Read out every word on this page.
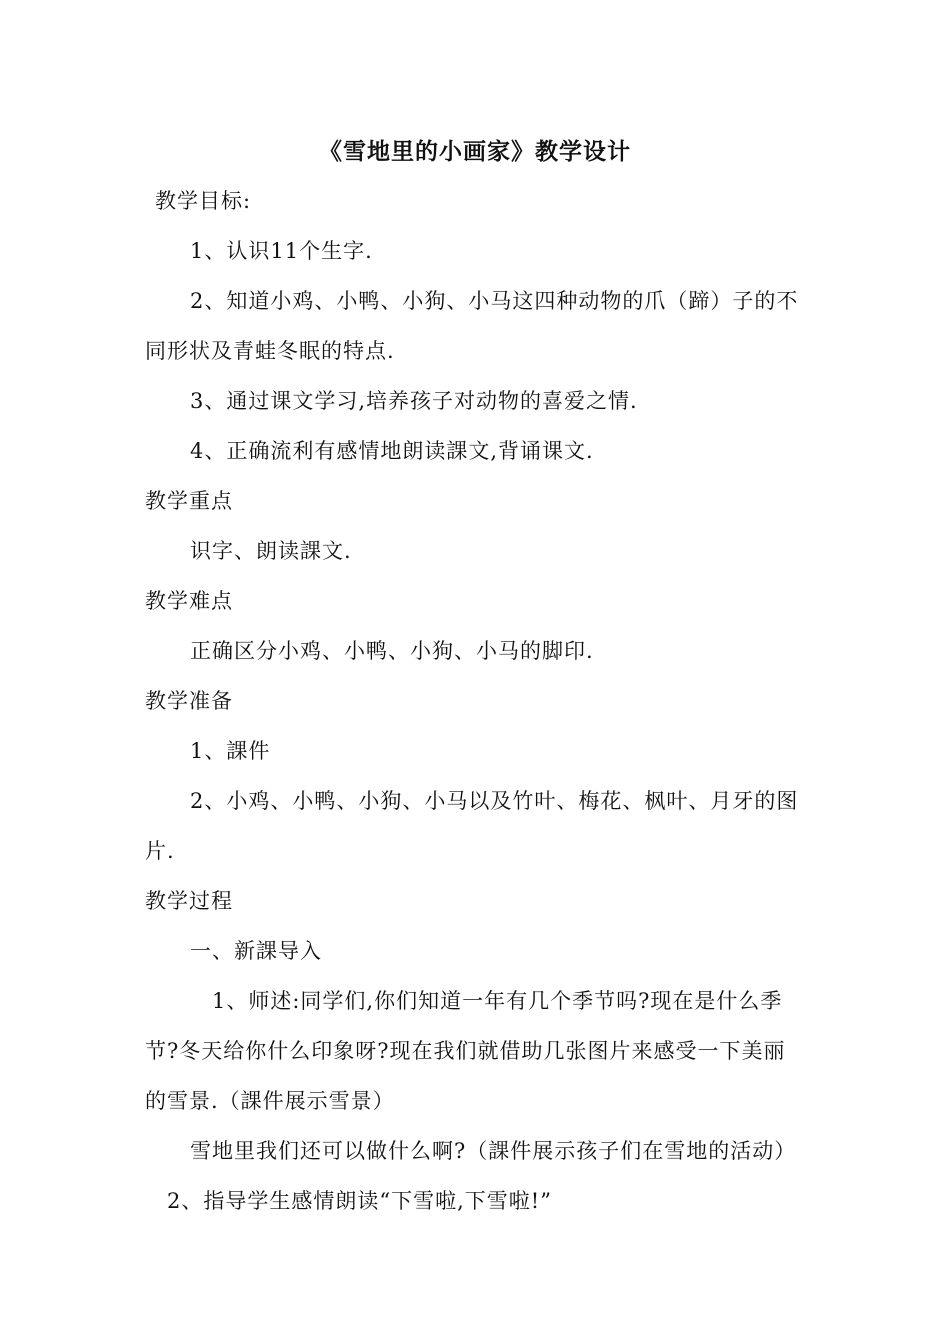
《雪地里的小画家》教学设计
教学目标:
1、认识11个生字.
2、知道小鸡、小鸭、小狗、小马这四种动物的爪（蹄）子的不
同形状及青蛙冬眠的特点.
3、通过课文学习,培养孩子对动物的喜爱之情.
4、正确流利有感情地朗读課文,背诵课文.
教学重点
识字、朗读課文.
教学难点
正确区分小鸡、小鸭、小狗、小马的脚印.
教学准备
1、課件
2、小鸡、小鸭、小狗、小马以及竹叶、梅花、枫叶、月牙的图
片.
教学过程
一、新課导入
1、师述:同学们,你们知道一年有几个季节吗?现在是什么季
节?冬天给你什么印象呀?现在我们就借助几张图片来感受一下美丽
的雪景.（課件展示雪景）
雪地里我们还可以做什么啊?（課件展示孩子们在雪地的活动）
2、指导学生感情朗读“下雪啦,下雪啦!”
